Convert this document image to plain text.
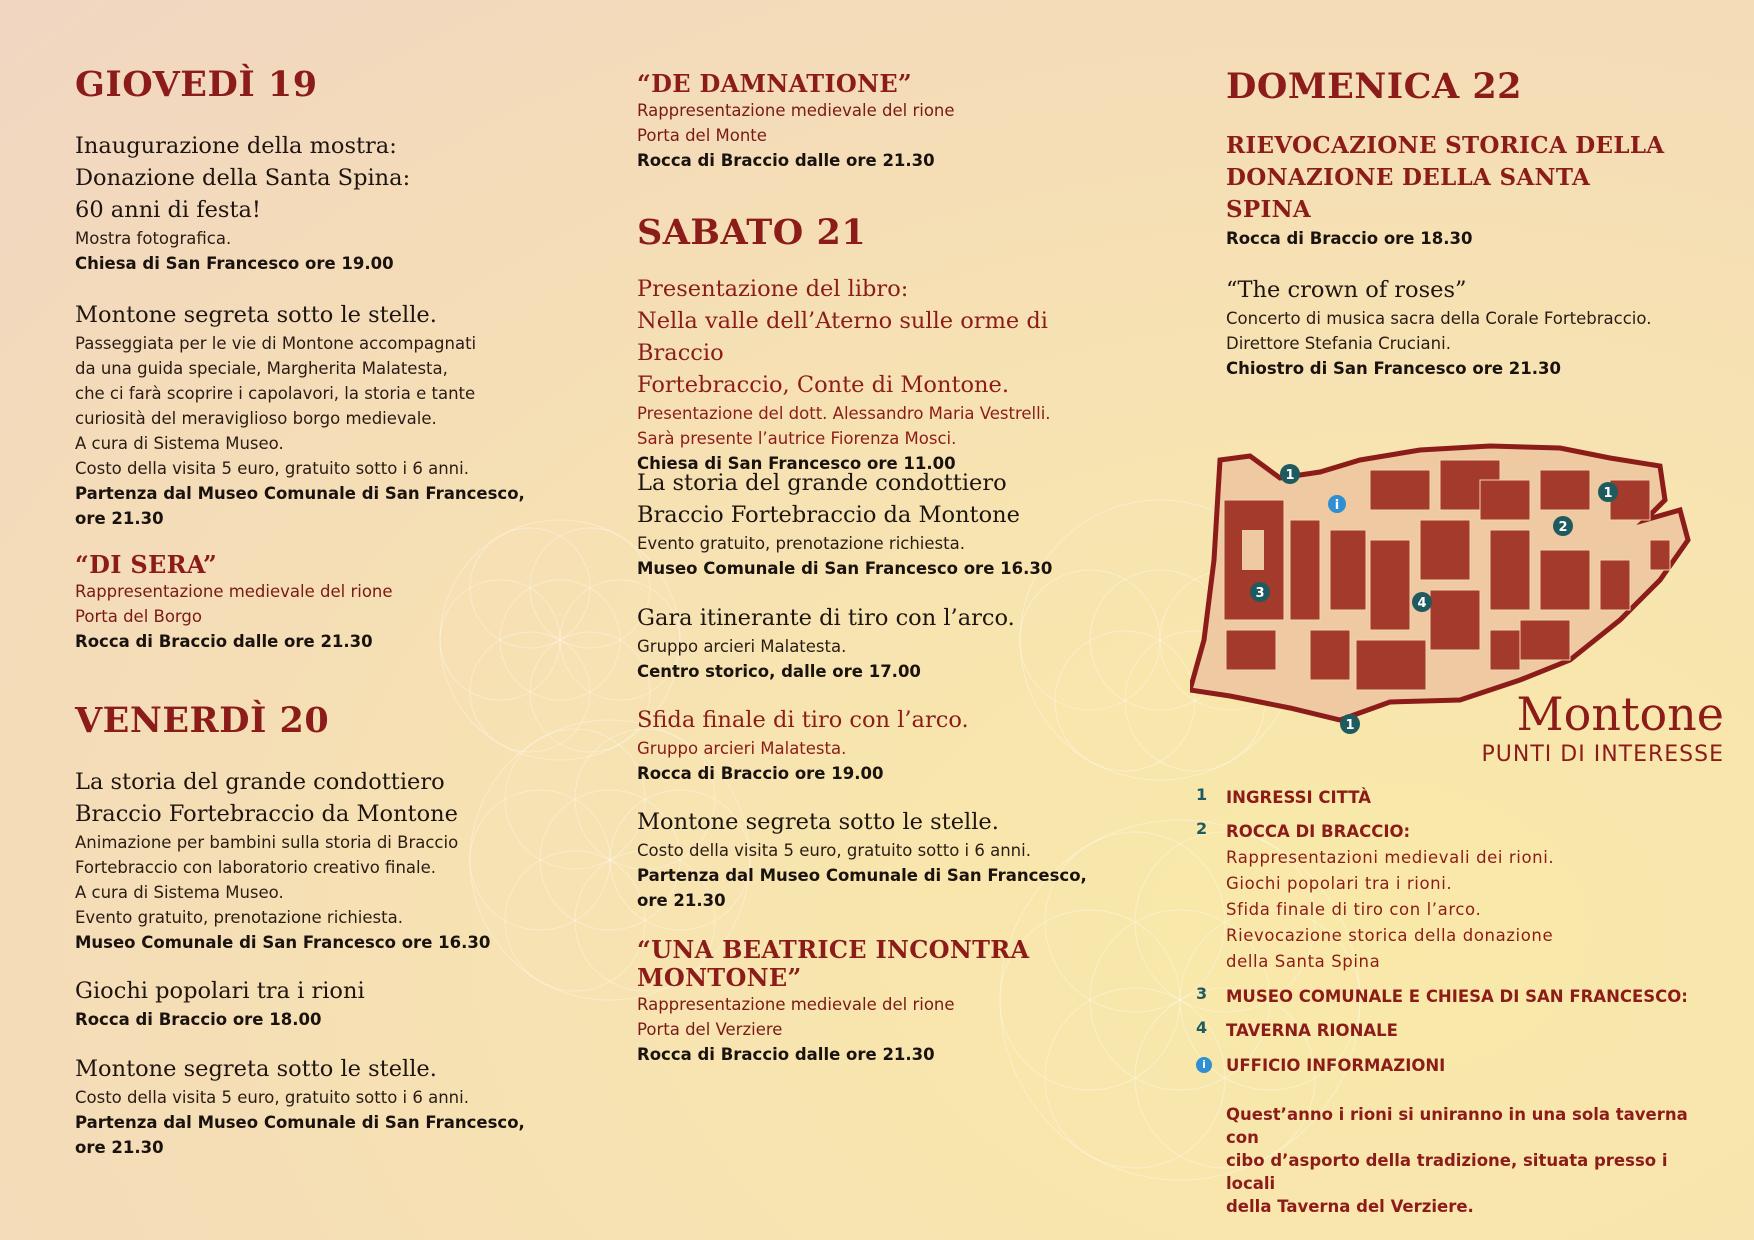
GIOVEDÌ 19

Inaugurazione della mostra:

Donazione della Santa Spina:

60 anni di festa!

Mostra fotografica.

Chiesa di San Francesco ore 19.00

Montone segreta sotto le stelle.

Passeggiata per le vie di Montone accompagnati

da una guida speciale, Margherita Malatesta,

che ci farà scoprire i capolavori, la storia e tante

curiosità del meraviglioso borgo medievale.

A cura di Sistema Museo.

Costo della visita 5 euro, gratuito sotto i 6 anni.

Partenza dal Museo Comunale di San Francesco,

ore 21.30

“DI SERA”

Rappresentazione medievale del rione

Porta del Borgo

Rocca di Braccio dalle ore 21.30

VENERDÌ 20

La storia del grande condottiero

Braccio Fortebraccio da Montone

Animazione per bambini sulla storia di Braccio

Fortebraccio con laboratorio creativo finale.

A cura di Sistema Museo.

Evento gratuito, prenotazione richiesta.

Museo Comunale di San Francesco ore 16.30

Giochi popolari tra i rioni

Rocca di Braccio ore 18.00

Montone segreta sotto le stelle.

Costo della visita 5 euro, gratuito sotto i 6 anni.

Partenza dal Museo Comunale di San Francesco,

ore 21.30

“DE DAMNATIONE”

Rappresentazione medievale del rione

Porta del Monte

Rocca di Braccio dalle ore 21.30

SABATO 21

Presentazione del libro:

Nella valle dell’Aterno sulle orme di Braccio

Fortebraccio, Conte di Montone.

Presentazione del dott. Alessandro Maria Vestrelli.

Sarà presente l’autrice Fiorenza Mosci.

Chiesa di San Francesco ore 11.00

La storia del grande condottiero

Braccio Fortebraccio da Montone

Evento gratuito, prenotazione richiesta.

Museo Comunale di San Francesco ore 16.30

Gara itinerante di tiro con l’arco.

Gruppo arcieri Malatesta.

Centro storico, dalle ore 17.00

Sfida finale di tiro con l’arco.

Gruppo arcieri Malatesta.

Rocca di Braccio ore 19.00

Montone segreta sotto le stelle.

Costo della visita 5 euro, gratuito sotto i 6 anni.

Partenza dal Museo Comunale di San Francesco,

ore 21.30

“UNA BEATRICE INCONTRA

MONTONE”

Rappresentazione medievale del rione

Porta del Verziere

Rocca di Braccio dalle ore 21.30

DOMENICA 22

RIEVOCAZIONE STORICA DELLA

DONAZIONE DELLA SANTA

SPINA

Rocca di Braccio ore 18.30

“The crown of roses”

Concerto di musica sacra della Corale Fortebraccio.

Direttore Stefania Cruciani.

Chiostro di San Francesco ore 21.30

1
1
2
3
4
1
i
Montone
PUNTI DI INTERESSE
1 INGRESSI CITTÀ

2 ROCCA DI BRACCIO:

Rappresentazioni medievali dei rioni.

Giochi popolari tra i rioni.

Sfida finale di tiro con l’arco.

Rievocazione storica della donazione

della Santa Spina

3 MUSEO COMUNALE E CHIESA DI SAN FRANCESCO:

4 TAVERNA RIONALE

i	UFFICIO INFORMAZIONI

Quest’anno i rioni si uniranno in una sola taverna con
cibo d’asporto della tradizione, situata presso i locali
della Taverna del Verziere.
